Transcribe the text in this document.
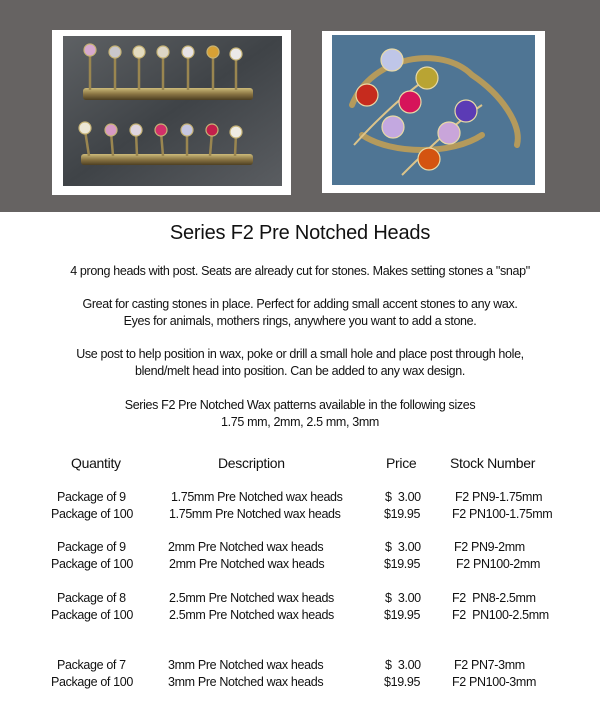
Series F2 Pre Notched Heads
4 prong heads with post. Seats are already cut for stones. Makes setting stones a "snap"
Great for casting stones in place. Perfect for adding small accent stones to any wax.
Eyes for animals, mothers rings, anywhere you want to add a stone.
Use post to help position in wax, poke or drill a small hole and place post through hole,
blend/melt head into position. Can be added to any wax design.
Series F2 Pre Notched Wax patterns available in the following sizes
1.75 mm, 2mm, 2.5 mm, 3mm
Quantity	Description	Price Stock Number
Package of 9	1.75mm Pre Notched wax heads	$  3.00	F2 PN9-1.75mm
Package of 100	1.75mm Pre Notched wax heads	$19.95	F2 PN100-1.75mm
Package of 9	2mm Pre Notched wax heads	$  3.00	F2 PN9-2mm
Package of 100	2mm Pre Notched wax heads	$19.95	F2 PN100-2mm
Package of 8	2.5mm Pre Notched wax heads	$  3.00 F2  PN8-2.5mm
Package of 100	2.5mm Pre Notched wax heads	$19.95	F2  PN100-2.5mm
Package of 7	3mm Pre Notched wax heads	$  3.00	F2 PN7-3mm
Package of 100	3mm Pre Notched wax heads	$19.95	F2 PN100-3mm
